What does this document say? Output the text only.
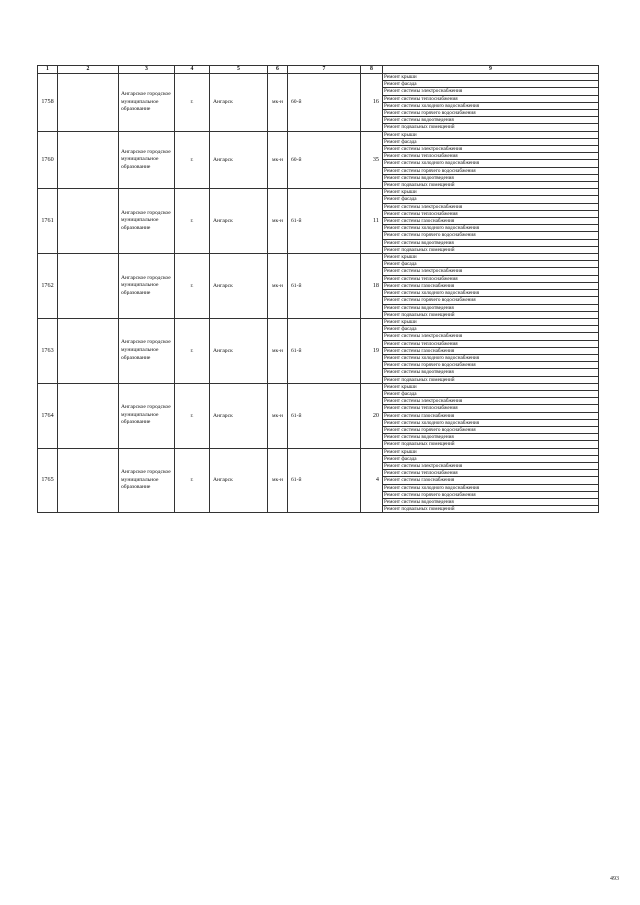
1	2	3	4	5	6	7	8	9
1758		Ангарское городское муниципальное образование	г.	Ангарск	мк-н	60-й	16	Ремонт крыши
								Ремонт фасада
								Ремонт системы электроснабжения
								Ремонт системы теплоснабжения
								Ремонт системы холодного водоснабжения
								Ремонт системы горячего водоснабжения
								Ремонт системы водоотведения
								Ремонт подвальных помещений
1760		Ангарское городское муниципальное образование	г.	Ангарск	мк-н	60-й	35	Ремонт крыши
								Ремонт фасада
								Ремонт системы электроснабжения
								Ремонт системы теплоснабжения
								Ремонт системы холодного водоснабжения
								Ремонт системы горячего водоснабжения
								Ремонт системы водоотведения
								Ремонт подвальных помещений
1761		Ангарское городское муниципальное образование	г.	Ангарск	мк-н	61-й	11	Ремонт крыши
								Ремонт фасада
								Ремонт системы электроснабжения
								Ремонт системы теплоснабжения
								Ремонт системы газоснабжения
								Ремонт системы холодного водоснабжения
								Ремонт системы горячего водоснабжения
								Ремонт системы водоотведения
								Ремонт подвальных помещений
1762		Ангарское городское муниципальное образование	г.	Ангарск	мк-н	61-й	18	Ремонт крыши
								Ремонт фасада
								Ремонт системы электроснабжения
								Ремонт системы теплоснабжения
								Ремонт системы газоснабжения
								Ремонт системы холодного водоснабжения
								Ремонт системы горячего водоснабжения
								Ремонт системы водоотведения
								Ремонт подвальных помещений
1763		Ангарское городское муниципальное образование	г.	Ангарск	мк-н	61-й	19	Ремонт крыши
								Ремонт фасада
								Ремонт системы электроснабжения
								Ремонт системы теплоснабжения
								Ремонт системы газоснабжения
								Ремонт системы холодного водоснабжения
								Ремонт системы горячего водоснабжения
								Ремонт системы водоотведения
								Ремонт подвальных помещений
1764		Ангарское городское муниципальное образование	г.	Ангарск	мк-н	61-й	20	Ремонт крыши
								Ремонт фасада
								Ремонт системы электроснабжения
								Ремонт системы теплоснабжения
								Ремонт системы газоснабжения
								Ремонт системы холодного водоснабжения
								Ремонт системы горячего водоснабжения
								Ремонт системы водоотведения
								Ремонт подвальных помещений
1765		Ангарское городское муниципальное образование	г.	Ангарск	мк-н	61-й	4	Ремонт крыши
								Ремонт фасада
								Ремонт системы электроснабжения
								Ремонт системы теплоснабжения
								Ремонт системы газоснабжения
								Ремонт системы холодного водоснабжения
								Ремонт системы горячего водоснабжения
								Ремонт системы водоотведения
								Ремонт подвальных помещений
493
